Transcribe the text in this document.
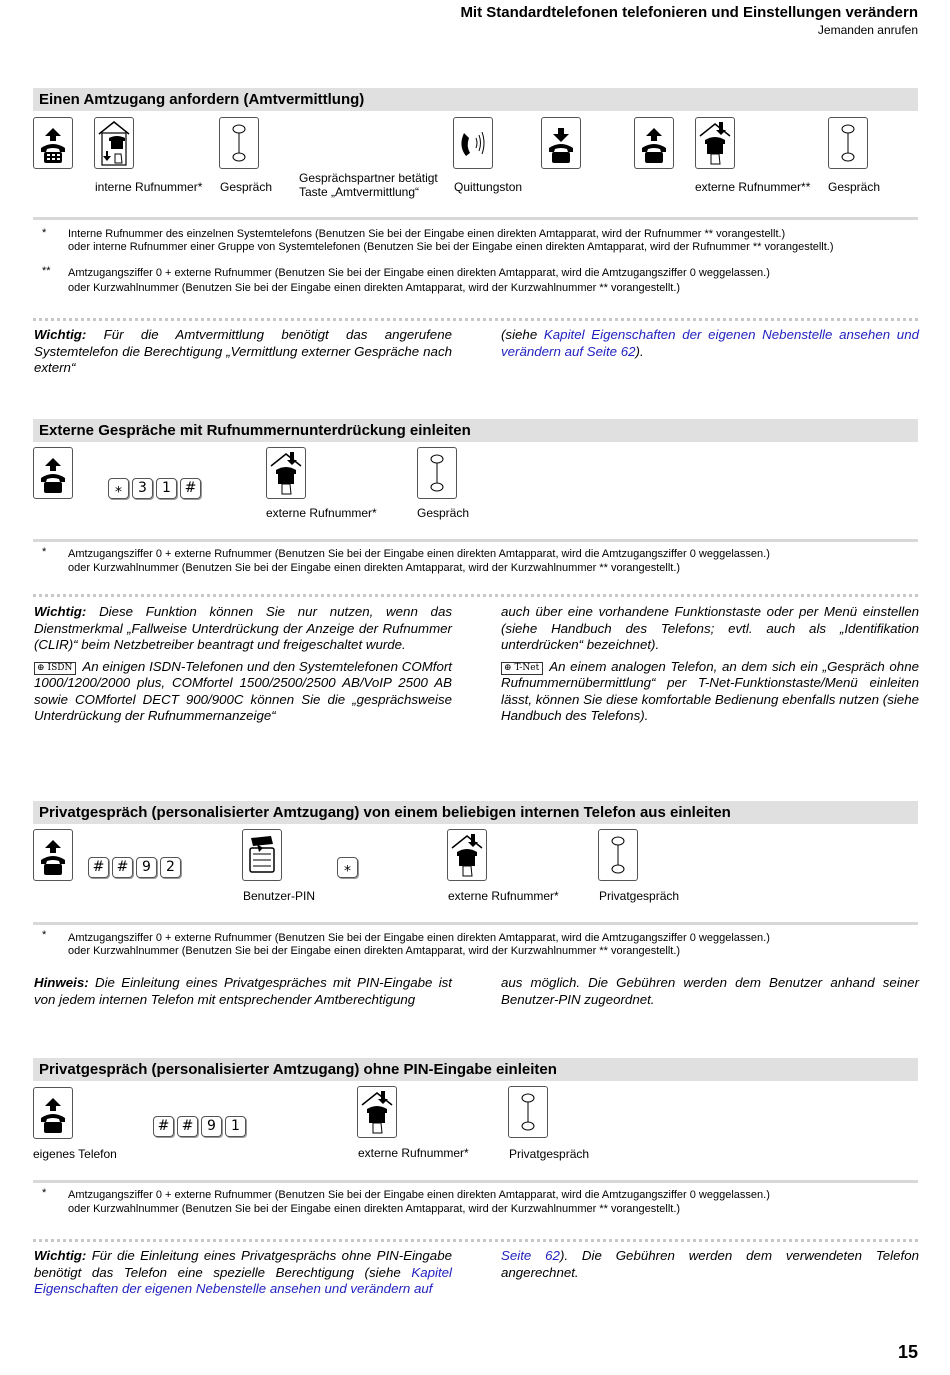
Mit Standardtelefonen telefonieren und Einstellungen verändern
Jemanden anrufen
Einen Amtzugang anfordern (Amtvermittlung)
interne Rufnummer* Gespräch
Gesprächspartner betätigt
Taste „Amtvermittlung“	Quittungston	externe Rufnummer** Gespräch
* Interne Rufnummer des einzelnen Systemtelefons (Benutzen Sie bei der Eingabe einen direkten Amtapparat, wird der Rufnummer ** vorangestellt.)
oder interne Rufnummer einer Gruppe von Systemtelefonen (Benutzen Sie bei der Eingabe einen direkten Amtapparat, wird der Rufnummer ** vorangestellt.)
** Amtzugangsziffer 0 + externe Rufnummer (Benutzen Sie bei der Eingabe einen direkten Amtapparat, wird die Amtzugangsziffer 0 weggelassen.)
oder Kurzwahlnummer (Benutzen Sie bei der Eingabe einen direkten Amtapparat, wird der Kurzwahlnummer ** vorangestellt.)
Wichtig: Für die Amtvermittlung benötigt das angerufene Systemtelefon die Berechtigung „Vermittlung externer Gespräche nach extern“
(siehe Kapitel Eigenschaften der eigenen Nebenstelle ansehen und verändern auf Seite 62).
Externe Gespräche mit Rufnummernunterdrückung einleiten
⁎	3	1 #
externe Rufnummer*	Gespräch
* Amtzugangsziffer 0 + externe Rufnummer (Benutzen Sie bei der Eingabe einen direkten Amtapparat, wird die Amtzugangsziffer 0 weggelassen.)
oder Kurzwahlnummer (Benutzen Sie bei der Eingabe einen direkten Amtapparat, wird der Kurzwahlnummer ** vorangestellt.)
Wichtig: Diese Funktion können Sie nur nutzen, wenn das Dienstmerkmal „Fallweise Unterdrückung der Anzeige der Rufnummer (CLIR)“ beim Netzbetreiber beantragt und freigeschaltet wurde.
⊕ ISDN An einigen ISDN-Telefonen und den Systemtelefonen COMfort 1000/1200/2000 plus, COMfortel 1500/2500/2500 AB/VoIP 2500 AB sowie COMfortel DECT 900/900C können Sie die „gesprächsweise Unterdrückung der Rufnummernanzeige“
auch über eine vorhandene Funktionstaste oder per Menü einstellen (siehe Handbuch des Telefons; evtl. auch als „Identifikation unterdrücken“ bezeichnet).
⊕ T-Net An einem analogen Telefon, an dem sich ein „Gespräch ohne Rufnummernübermittlung“ per T-Net-Funktionstaste/Menü einleiten lässt, können Sie diese komfortable Bedienung ebenfalls nutzen (siehe Handbuch des Telefons).
Privatgespräch (personalisierter Amtzugang) von einem beliebigen internen Telefon aus einleiten
# # 9	2	⁎
Benutzer-PIN	externe Rufnummer*	Privatgespräch
* Amtzugangsziffer 0 + externe Rufnummer (Benutzen Sie bei der Eingabe einen direkten Amtapparat, wird die Amtzugangsziffer 0 weggelassen.)
oder Kurzwahlnummer (Benutzen Sie bei der Eingabe einen direkten Amtapparat, wird der Kurzwahlnummer ** vorangestellt.)
Hinweis: Die Einleitung eines Privatgespräches mit PIN-Eingabe ist von jedem internen Telefon mit entsprechender Amtberechtigung
aus möglich. Die Gebühren werden dem Benutzer anhand seiner Benutzer-PIN zugeordnet.
Privatgespräch (personalisierter Amtzugang) ohne PIN-Eingabe einleiten
# # 9	1
eigenes Telefon	externe Rufnummer*	Privatgespräch
* Amtzugangsziffer 0 + externe Rufnummer (Benutzen Sie bei der Eingabe einen direkten Amtapparat, wird die Amtzugangsziffer 0 weggelassen.)
oder Kurzwahlnummer (Benutzen Sie bei der Eingabe einen direkten Amtapparat, wird der Kurzwahlnummer ** vorangestellt.)
Wichtig: Für die Einleitung eines Privatgesprächs ohne PIN-Eingabe benötigt das Telefon eine spezielle Berechtigung (siehe Kapitel Eigenschaften der eigenen Nebenstelle ansehen und verändern auf
Seite 62). Die Gebühren werden dem verwendeten Telefon angerechnet.
15
